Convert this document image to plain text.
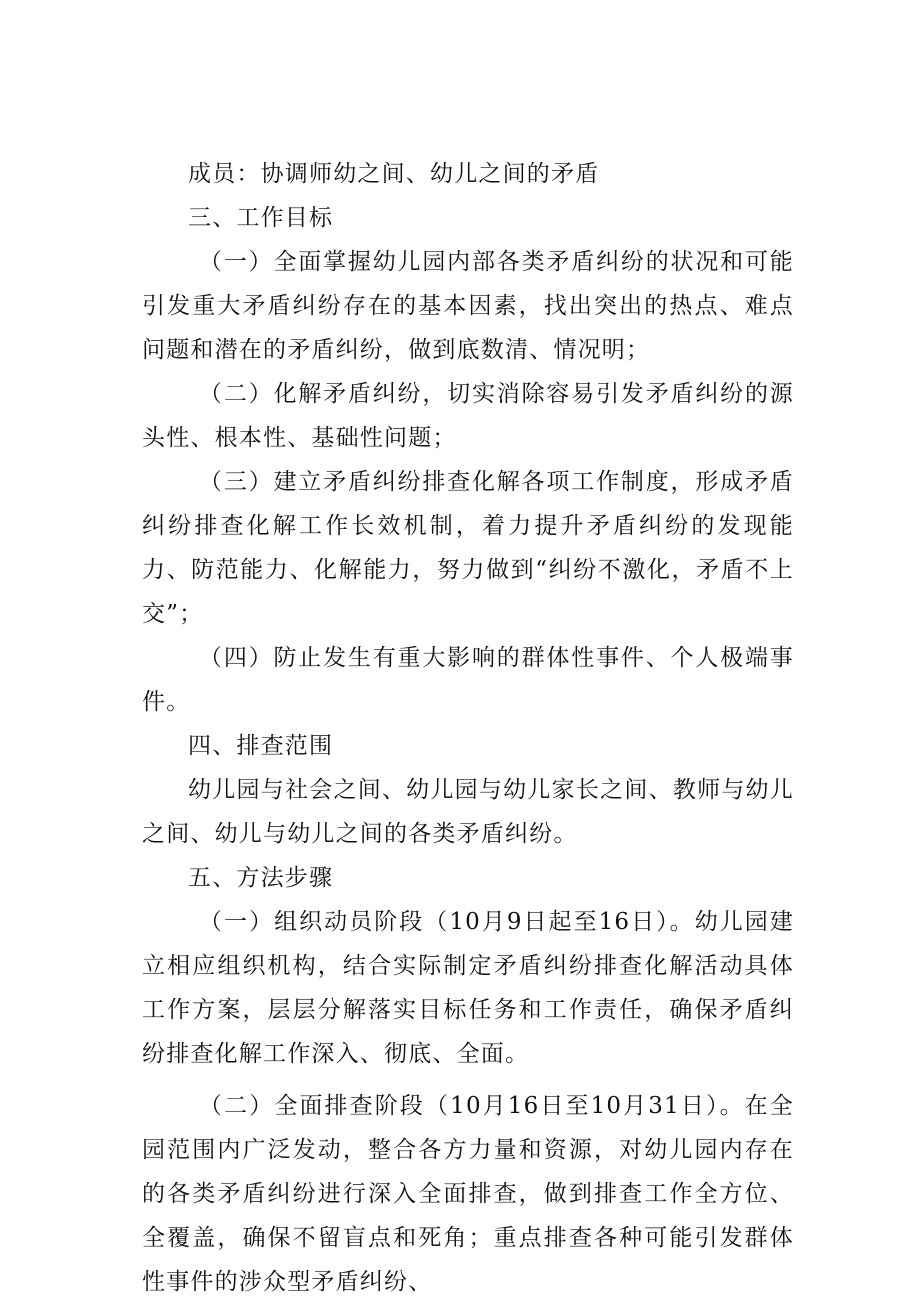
成员：协调师幼之间、幼儿之间的矛盾

三、工作目标

（一）全面掌握幼儿园内部各类矛盾纠纷的状况和可能引发重大矛盾纠纷存在的基本因素，找出突出的热点、难点问题和潜在的矛盾纠纷，做到底数清、情况明；

（二）化解矛盾纠纷，切实消除容易引发矛盾纠纷的源头性、根本性、基础性问题；

（三）建立矛盾纠纷排查化解各项工作制度，形成矛盾纠纷排查化解工作长效机制，着力提升矛盾纠纷的发现能力、防范能力、化解能力，努力做到“纠纷不激化，矛盾不上交”；

（四）防止发生有重大影响的群体性事件、个人极端事件。

四、排查范围

幼儿园与社会之间、幼儿园与幼儿家长之间、教师与幼儿之间、幼儿与幼儿之间的各类矛盾纠纷。

五、方法步骤

（一）组织动员阶段（10月9日起至16日）。幼儿园建立相应组织机构，结合实际制定矛盾纠纷排查化解活动具体工作方案，层层分解落实目标任务和工作责任，确保矛盾纠纷排查化解工作深入、彻底、全面。

（二）全面排查阶段（10月16日至10月31日）。在全园范围内广泛发动，整合各方力量和资源，对幼儿园内存在的各类矛盾纠纷进行深入全面排查，做到排查工作全方位、全覆盖，确保不留盲点和死角；重点排查各种可能引发群体性事件的涉众型矛盾纠纷、
